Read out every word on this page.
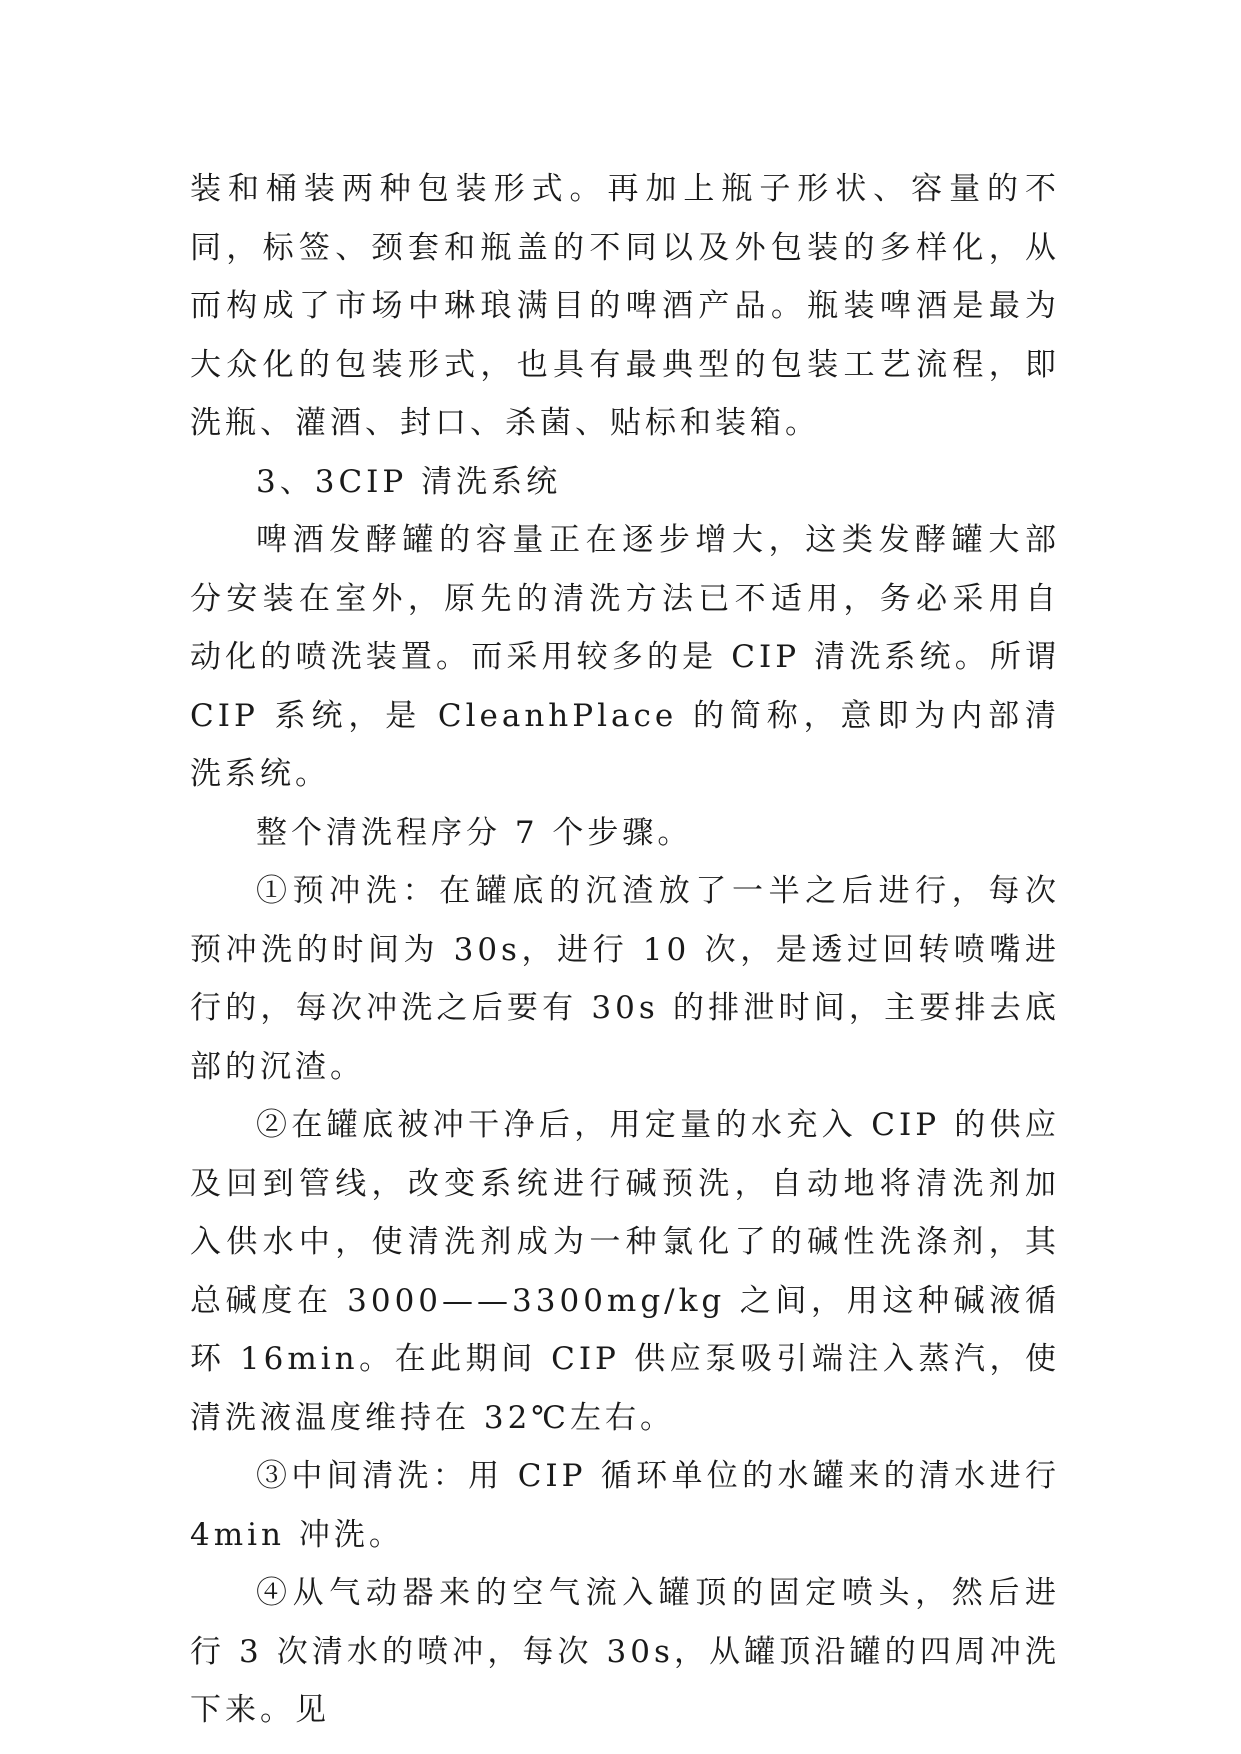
装和桶装两种包装形式。再加上瓶子形状、容量的不同，标签、颈套和瓶盖的不同以及外包装的多样化，从而构成了市场中琳琅满目的啤酒产品。瓶装啤酒是最为大众化的包装形式，也具有最典型的包装工艺流程，即洗瓶、灌酒、封口、杀菌、贴标和装箱。

3、3CIP 清洗系统

啤酒发酵罐的容量正在逐步增大，这类发酵罐大部分安装在室外，原先的清洗方法已不适用，务必采用自动化的喷洗装置。而采用较多的是 CIP 清洗系统。所谓 CIP 系统，是 CleanhPlace 的简称，意即为内部清洗系统。

整个清洗程序分 7 个步骤。

①预冲洗：在罐底的沉渣放了一半之后进行，每次预冲洗的时间为 30s，进行 10 次，是透过回转喷嘴进行的，每次冲洗之后要有 30s 的排泄时间，主要排去底部的沉渣。

②在罐底被冲干净后，用定量的水充入 CIP 的供应及回到管线，改变系统进行碱预洗，自动地将清洗剂加入供水中，使清洗剂成为一种氯化了的碱性洗涤剂，其总碱度在 3000——3300mg/kg 之间，用这种碱液循环 16min。在此期间 CIP 供应泵吸引端注入蒸汽，使清洗液温度维持在 32℃左右。

③中间清洗：用 CIP 循环单位的水罐来的清水进行 4min 冲洗。

④从气动器来的空气流入罐顶的固定喷头，然后进行 3 次清水的喷冲，每次 30s，从罐顶沿罐的四周冲洗下来。见
